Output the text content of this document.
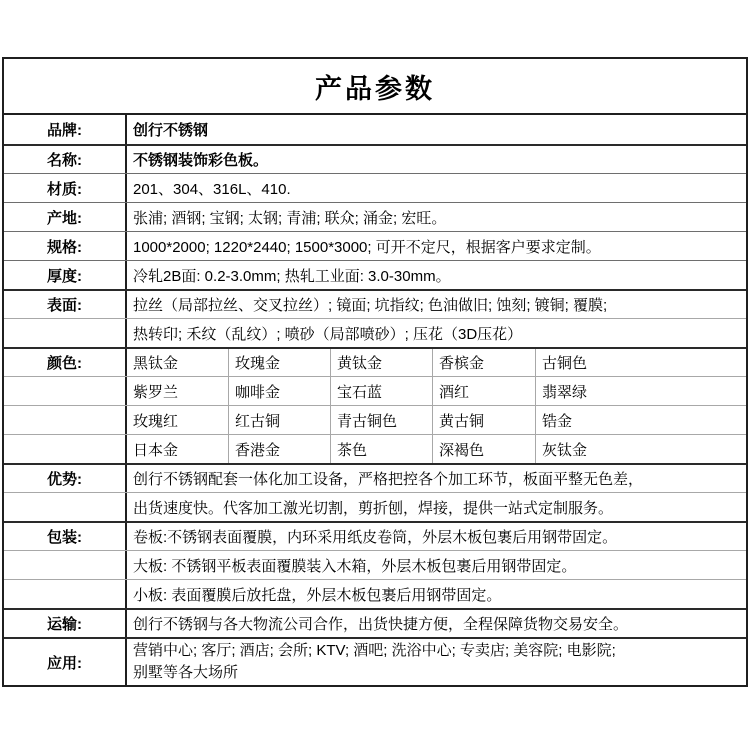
产品参数
品牌:	创行不锈钢
名称:	不锈钢装饰彩色板。
材质:	201、304、316L、410.
产地:	张浦; 酒钢; 宝钢; 太钢; 青浦; 联众; 涌金; 宏旺。
规格:	1000*2000; 1220*2440; 1500*3000; 可开不定尺，根据客户要求定制。
厚度:	冷轧2B面: 0.2-3.0mm; 热轧工业面: 3.0-30mm。
表面:	拉丝（局部拉丝、交叉拉丝）; 镜面; 坑指纹; 色油做旧; 蚀刻; 镀铜; 覆膜;
热转印; 禾纹（乱纹）; 喷砂（局部喷砂）; 压花（3D压花）
颜色:	黑钛金	玫瑰金	黄钛金	香槟金	古铜色
紫罗兰	咖啡金	宝石蓝	酒红	翡翠绿
玫瑰红	红古铜	青古铜色	黄古铜	锆金
日本金	香港金	茶色	深褐色	灰钛金
优势:	创行不锈钢配套一体化加工设备，严格把控各个加工环节，板面平整无色差，
出货速度快。代客加工激光切割，剪折刨，焊接，提供一站式定制服务。
包装:	卷板:不锈钢表面覆膜，内环采用纸皮卷筒，外层木板包裹后用钢带固定。
大板: 不锈钢平板表面覆膜装入木箱，外层木板包裹后用钢带固定。
小板: 表面覆膜后放托盘，外层木板包裹后用钢带固定。
运输:	创行不锈钢与各大物流公司合作，出货快捷方便，全程保障货物交易安全。
应用:
营销中心; 客厅; 酒店; 会所; KTV; 酒吧; 洗浴中心; 专卖店; 美容院; 电影院;
别墅等各大场所
